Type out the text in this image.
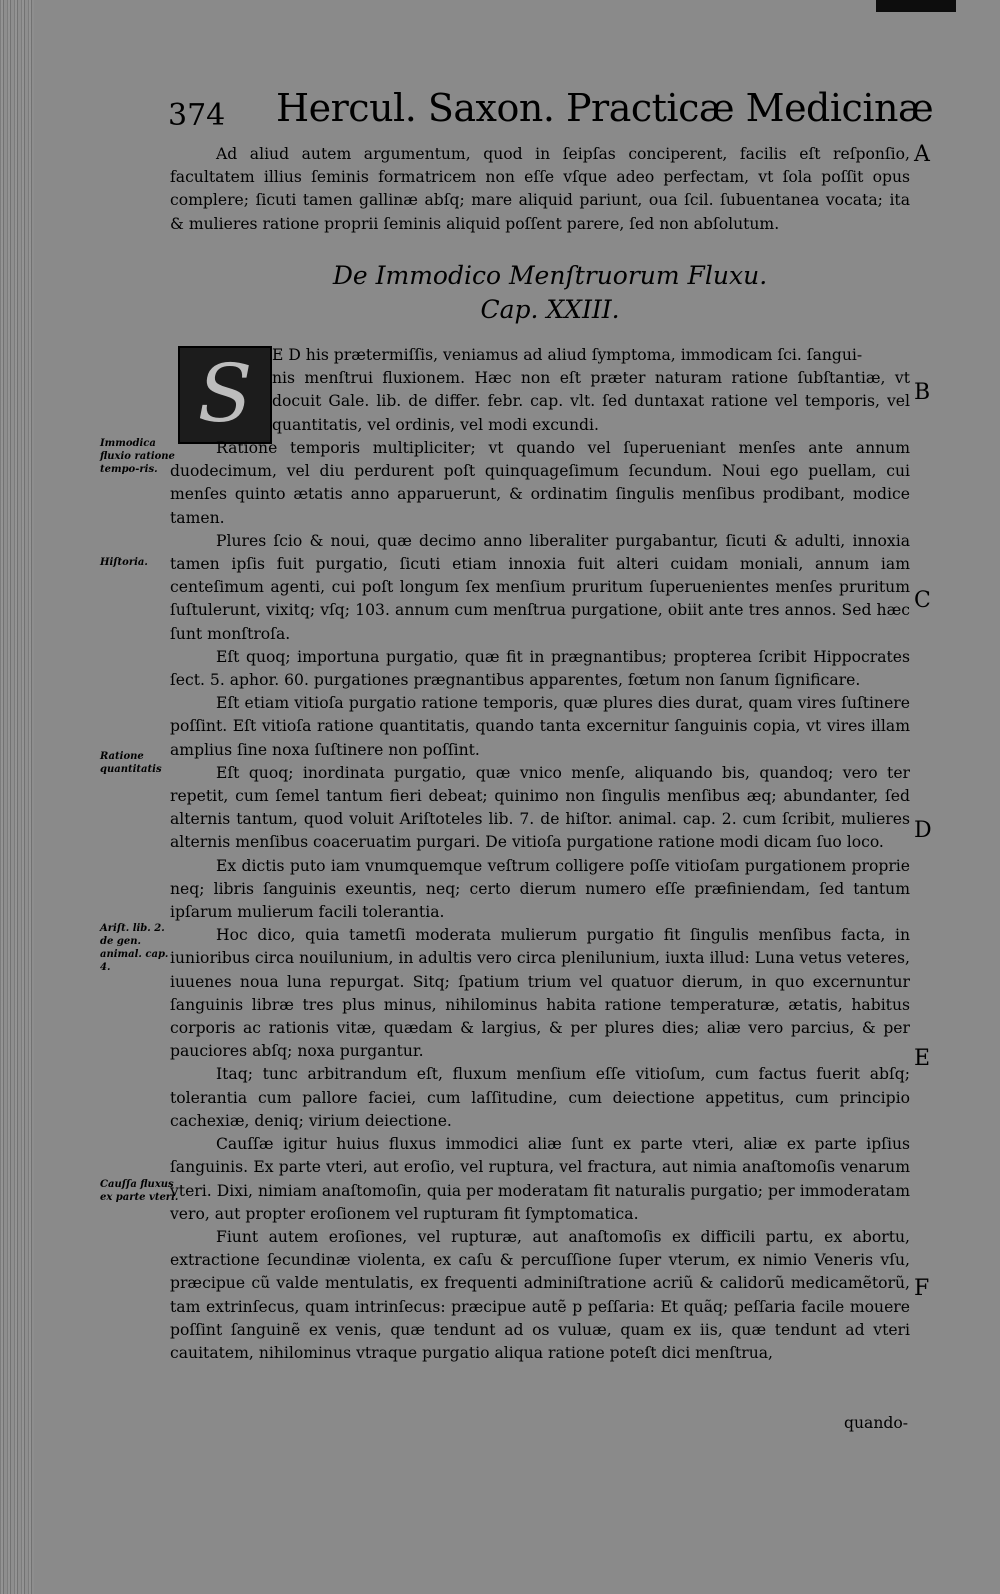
374 Hercul. Saxon. Practicæ Medicinæ

Ad aliud autem argumentum, quod in ſeipſas conciperent, facilis eſt reſponſio, facultatem illius ſeminis formatricem non eſſe vſque adeo perfectam, vt ſola poſſit opus complere; ſicuti tamen gallinæ abſq; mare aliquid pariunt, oua ſcil. ſubuentanea vocata; ita & mulieres ratione proprii ſeminis aliquid poſſent parere, ſed non abſolutum.

De Immodico Menſtruorum Fluxu.
Cap. XXIII.
S	E D his prætermiſſis, veniamus ad aliud ſymptoma, immodicam ſci. ſangui-
nis menſtrui fluxionem. Hæc non eſt præter naturam ratione ſubſtantiæ, vt docuit Gale. lib. de differ. febr. cap. vlt. ſed duntaxat ratione vel temporis, vel quantitatis, vel ordinis, vel modi excundi.

Ratione temporis multipliciter; vt quando vel ſuperueniant menſes ante annum duodecimum, vel diu perdurent poſt quinquageſimum ſecundum. Noui ego puellam, cui menſes quinto ætatis anno apparuerunt, & ordinatim ſingulis menſibus prodibant, modice tamen.

Plures ſcio & noui, quæ decimo anno liberaliter purgabantur, ſicuti & adulti, innoxia tamen ipſis fuit purgatio, ſicuti etiam innoxia fuit alteri cuidam moniali, annum iam centeſimum agenti, cui poſt longum ſex menſium pruritum ſuperuenientes menſes pruritum ſuſtulerunt, vixitq; vſq; 103. annum cum menſtrua purgatione, obiit ante tres annos. Sed hæc ſunt monſtroſa.

Eſt quoq; importuna purgatio, quæ fit in prægnantibus; propterea ſcribit Hippocrates ſect. 5. aphor. 60. purgationes prægnantibus apparentes, fœtum non ſanum ſignificare.

Eſt etiam vitioſa purgatio ratione temporis, quæ plures dies durat, quam vires ſuſtinere poſſint. Eſt vitioſa ratione quantitatis, quando tanta excernitur ſanguinis copia, vt vires illam amplius ſine noxa ſuſtinere non poſſint.

Eſt quoq; inordinata purgatio, quæ vnico menſe, aliquando bis, quandoq; vero ter repetit, cum ſemel tantum fieri debeat; quinimo non ſingulis menſibus æq; abundanter, ſed alternis tantum, quod voluit Ariſtoteles lib. 7. de hiſtor. animal. cap. 2. cum ſcribit, mulieres alternis menſibus coaceruatim purgari. De vitioſa purgatione ratione modi dicam ſuo loco.

Ex dictis puto iam vnumquemque veſtrum colligere poſſe vitioſam purgationem proprie neq; libris ſanguinis exeuntis, neq; certo dierum numero eſſe præfiniendam, ſed tantum ipſarum mulierum facili tolerantia.

Hoc dico, quia tametſi moderata mulierum purgatio fit ſingulis menſibus facta, in iunioribus circa nouilunium, in adultis vero circa plenilunium, iuxta illud: Luna vetus veteres, iuuenes noua luna repurgat. Sitq; ſpatium trium vel quatuor dierum, in quo excernuntur ſanguinis libræ tres plus minus, nihilominus habita ratione temperaturæ, ætatis, habitus corporis ac rationis vitæ, quædam & largius, & per plures dies; aliæ vero parcius, & per pauciores abſq; noxa purgantur.

Itaq; tunc arbitrandum eſt, fluxum menſium eſſe vitioſum, cum factus fuerit abſq; tolerantia cum pallore faciei, cum laſſitudine, cum deiectione appetitus, cum principio cachexiæ, deniq; virium deiectione.

Cauſſæ igitur huius fluxus immodici aliæ ſunt ex parte vteri, aliæ ex parte ipſius ſanguinis. Ex parte vteri, aut eroſio, vel ruptura, vel fractura, aut nimia anaſtomoſis venarum vteri. Dixi, nimiam anaſtomoſin, quia per moderatam fit naturalis purgatio; per immoderatam vero, aut propter eroſionem vel rupturam fit ſymptomatica.

Fiunt autem eroſiones, vel rupturæ, aut anaſtomoſis ex difficili partu, ex abortu, extractione ſecundinæ violenta, ex caſu & percuſſione ſuper vterum, ex nimio Veneris vſu, præcipue cũ valde mentulatis, ex frequenti adminiſtratione acriũ & calidorũ medicamẽtorũ, tam extrinſecus, quam intrinſecus: præcipue autẽ p peſſaria: Et quãq; peſſaria facile mouere poſſint ſanguinẽ ex venis, quæ tendunt ad os vuluæ, quam ex iis, quæ tendunt ad vteri cauitatem, nihilominus vtraque purgatio aliqua ratione poteſt dici menſtrua,

quando-
Immodica fluxio ratione tempo-ris.
Hiſtoria.
Ratione quantitatis
Ariſt. lib. 2. de gen. animal. cap. 4.
Cauſſa fluxus ex parte vteri.
A
B
C
D
E
F
